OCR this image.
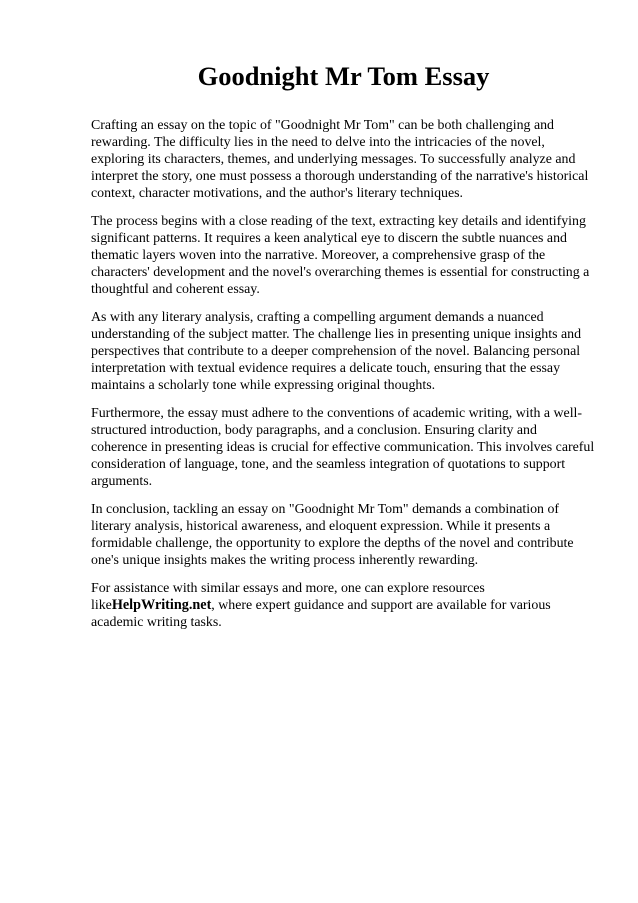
Goodnight Mr Tom Essay

Crafting an essay on the topic of "Goodnight Mr Tom" can be both challenging and rewarding. The difficulty lies in the need to delve into the intricacies of the novel, exploring its characters, themes, and underlying messages. To successfully analyze and interpret the story, one must possess a thorough understanding of the narrative's historical context, character motivations, and the author's literary techniques.

The process begins with a close reading of the text, extracting key details and identifying significant patterns. It requires a keen analytical eye to discern the subtle nuances and thematic layers woven into the narrative. Moreover, a comprehensive grasp of the characters' development and the novel's overarching themes is essential for constructing a thoughtful and coherent essay.

As with any literary analysis, crafting a compelling argument demands a nuanced understanding of the subject matter. The challenge lies in presenting unique insights and perspectives that contribute to a deeper comprehension of the novel. Balancing personal interpretation with textual evidence requires a delicate touch, ensuring that the essay maintains a scholarly tone while expressing original thoughts.

Furthermore, the essay must adhere to the conventions of academic writing, with a well-structured introduction, body paragraphs, and a conclusion. Ensuring clarity and coherence in presenting ideas is crucial for effective communication. This involves careful consideration of language, tone, and the seamless integration of quotations to support arguments.

In conclusion, tackling an essay on "Goodnight Mr Tom" demands a combination of literary analysis, historical awareness, and eloquent expression. While it presents a formidable challenge, the opportunity to explore the depths of the novel and contribute one's unique insights makes the writing process inherently rewarding.

For assistance with similar essays and more, one can explore resources likeHelpWriting.net, where expert guidance and support are available for various academic writing tasks.
